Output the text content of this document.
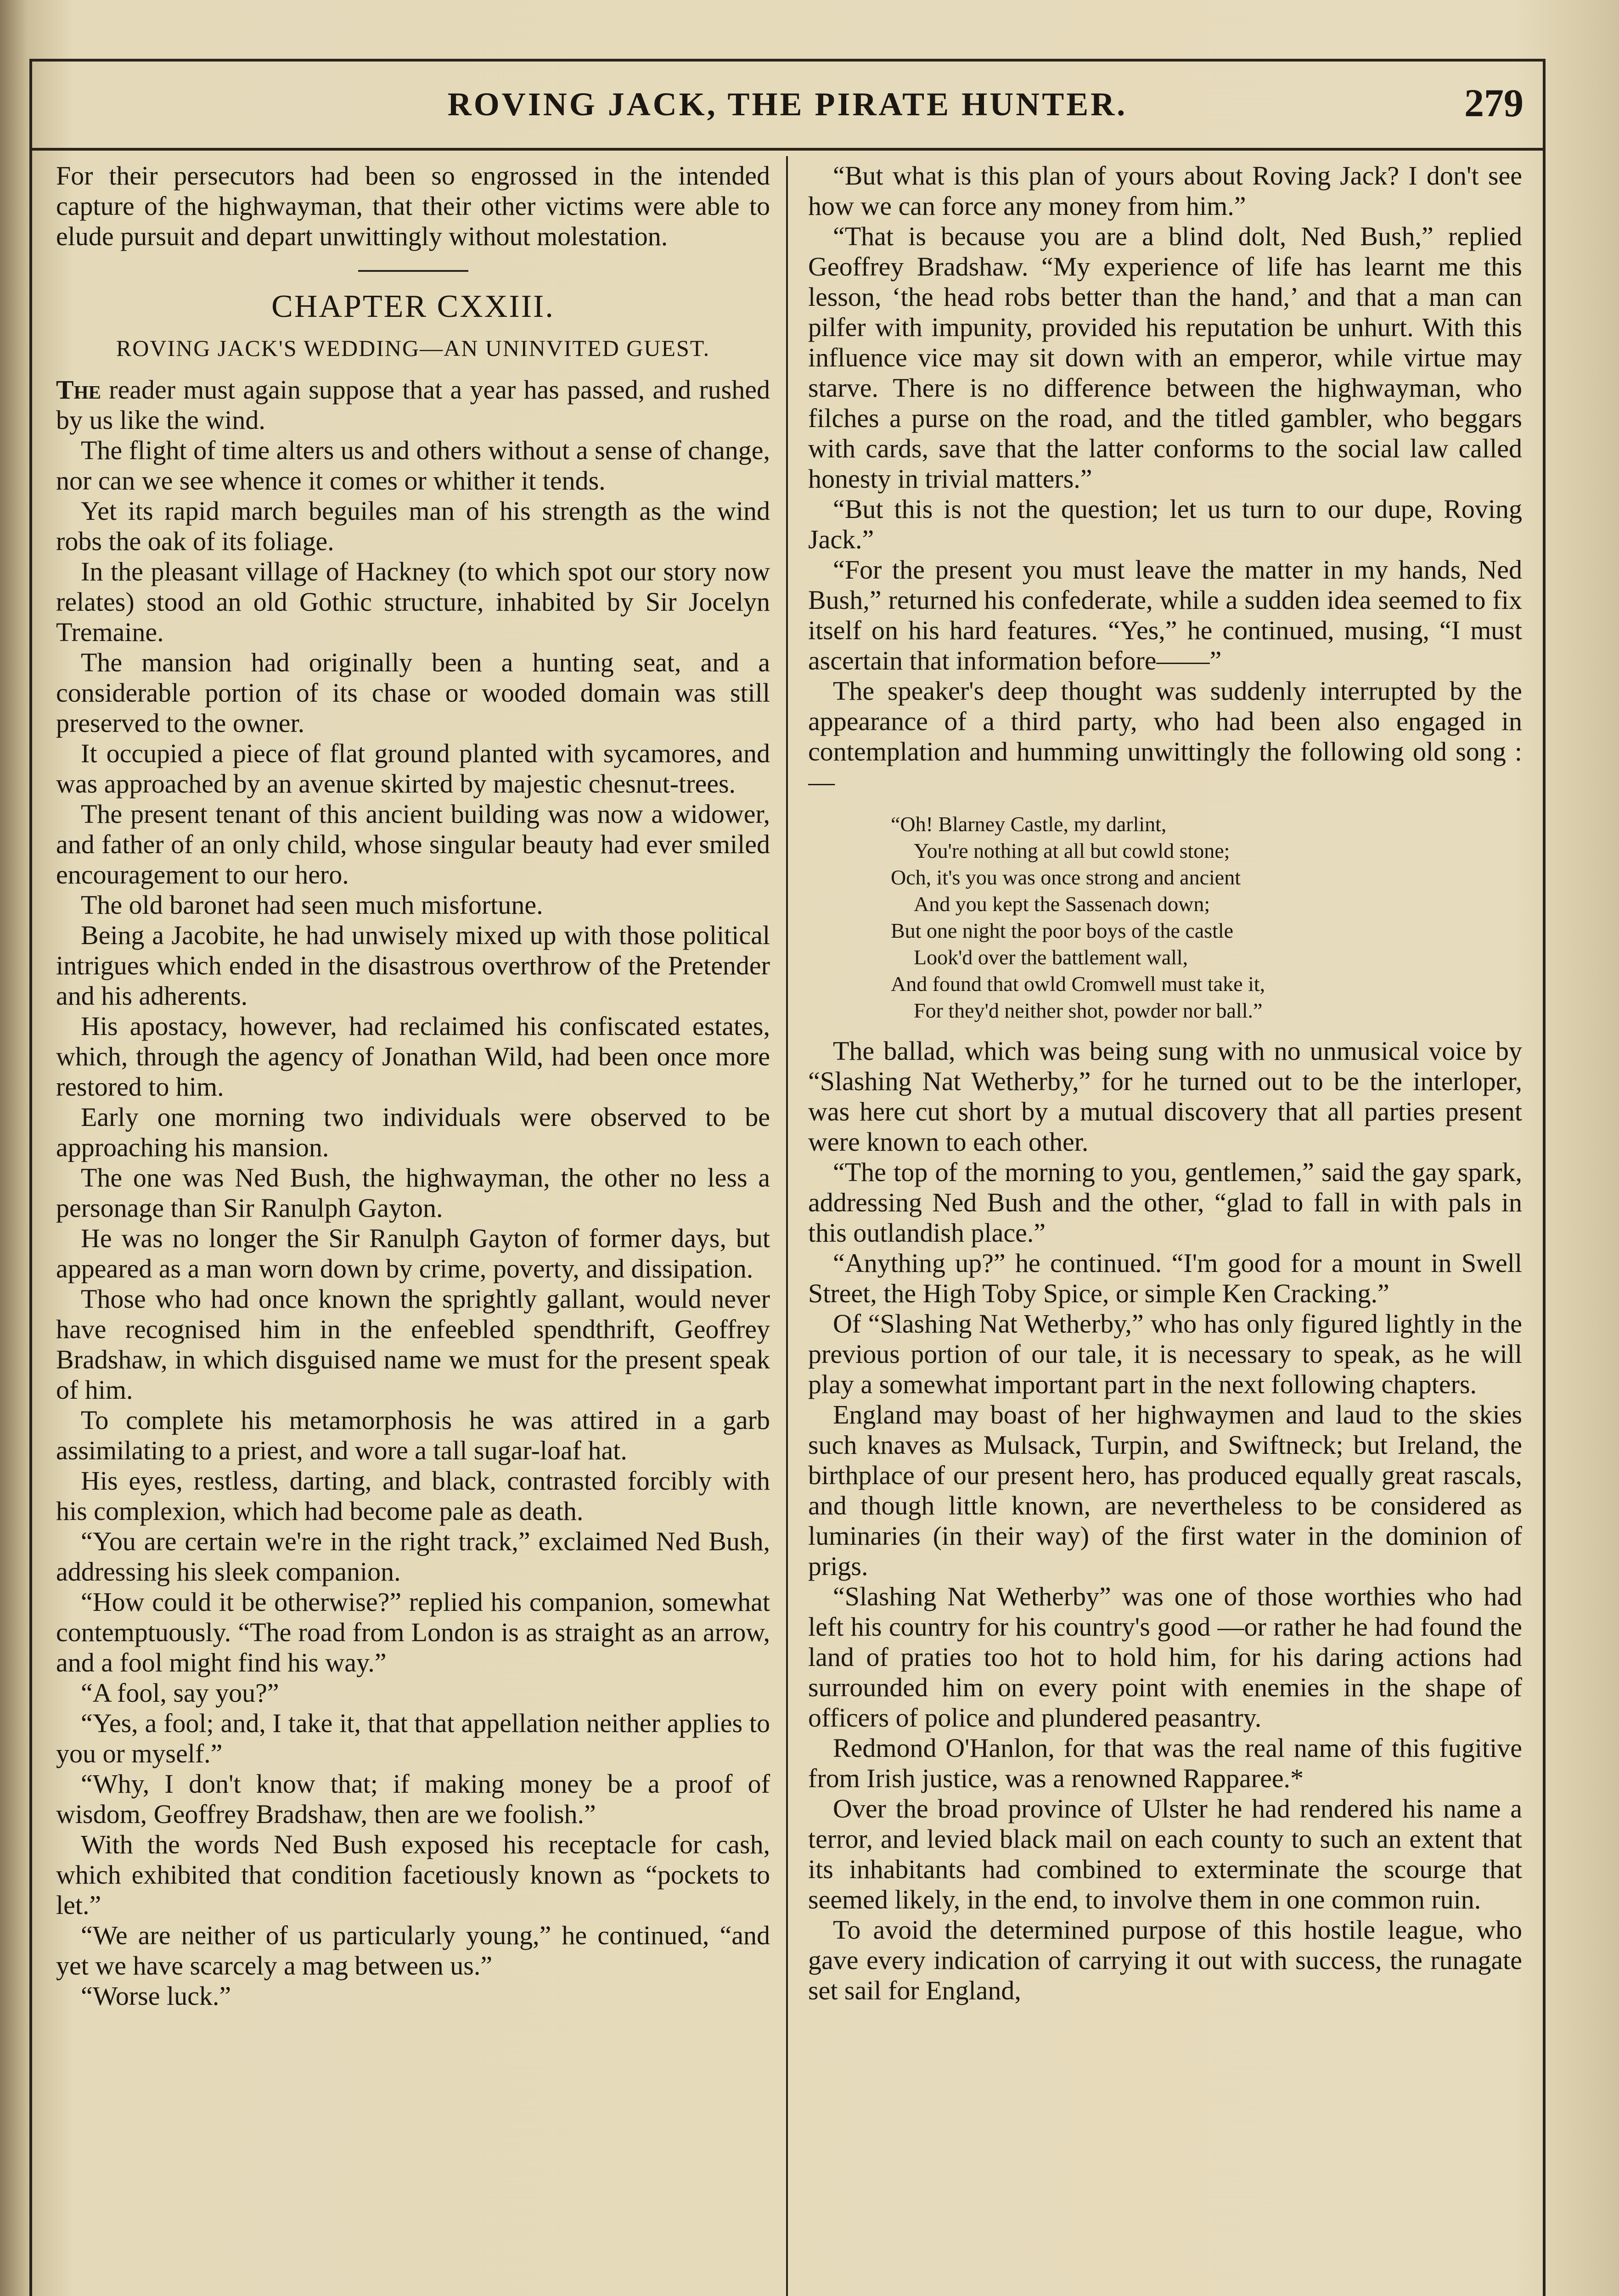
ROVING JACK, THE PIRATE HUNTER.	279

For their persecutors had been so engrossed in the intended capture of the highwayman, that their other victims were able to elude pursuit and depart unwittingly without molestation.

CHAPTER CXXIII.
ROVING JACK'S WEDDING—AN UNINVITED GUEST.

The reader must again suppose that a year has passed, and rushed by us like the wind.

The flight of time alters us and others without a sense of change, nor can we see whence it comes or whither it tends.

Yet its rapid march beguiles man of his strength as the wind robs the oak of its foliage.

In the pleasant village of Hackney (to which spot our story now relates) stood an old Gothic structure, inhabited by Sir Jocelyn Tremaine.

The mansion had originally been a hunting seat, and a considerable portion of its chase or wooded domain was still preserved to the owner.

It occupied a piece of flat ground planted with sycamores, and was approached by an avenue skirted by majestic chesnut-trees.

The present tenant of this ancient building was now a widower, and father of an only child, whose singular beauty had ever smiled encouragement to our hero.

The old baronet had seen much misfortune.

Being a Jacobite, he had unwisely mixed up with those political intrigues which ended in the disastrous overthrow of the Pretender and his adherents.

His apostacy, however, had reclaimed his confiscated estates, which, through the agency of Jonathan Wild, had been once more restored to him.

Early one morning two individuals were observed to be approaching his mansion.

The one was Ned Bush, the highwayman, the other no less a personage than Sir Ranulph Gayton.

He was no longer the Sir Ranulph Gayton of former days, but appeared as a man worn down by crime, poverty, and dissipation.

Those who had once known the sprightly gallant, would never have recognised him in the enfeebled spendthrift, Geoffrey Bradshaw, in which disguised name we must for the present speak of him.

To complete his metamorphosis he was attired in a garb assimilating to a priest, and wore a tall sugar-loaf hat.

His eyes, restless, darting, and black, contrasted forcibly with his complexion, which had become pale as death.

“You are certain we're in the right track,” exclaimed Ned Bush, addressing his sleek companion.

“How could it be otherwise?” replied his companion, somewhat contemptuously. “The road from London is as straight as an arrow, and a fool might find his way.”

“A fool, say you?”

“Yes, a fool; and, I take it, that that appellation neither applies to you or myself.”

“Why, I don't know that; if making money be a proof of wisdom, Geoffrey Bradshaw, then are we foolish.”

With the words Ned Bush exposed his receptacle for cash, which exhibited that condition facetiously known as “pockets to let.”

“We are neither of us particularly young,” he continued, “and yet we have scarcely a mag between us.”

“Worse luck.”

“But what is this plan of yours about Roving Jack? I don't see how we can force any money from him.”

“That is because you are a blind dolt, Ned Bush,” replied Geoffrey Bradshaw. “My experience of life has learnt me this lesson, ‘the head robs better than the hand,’ and that a man can pilfer with impunity, provided his reputation be unhurt. With this influence vice may sit down with an emperor, while virtue may starve. There is no difference between the highwayman, who filches a purse on the road, and the titled gambler, who beggars with cards, save that the latter conforms to the social law called honesty in trivial matters.”

“But this is not the question; let us turn to our dupe, Roving Jack.”

“For the present you must leave the matter in my hands, Ned Bush,” returned his confederate, while a sudden idea seemed to fix itself on his hard features. “Yes,” he continued, musing, “I must ascertain that information before——”

The speaker's deep thought was suddenly interrupted by the appearance of a third party, who had been also engaged in contemplation and humming unwittingly the following old song :—

“Oh! Blarney Castle, my darlint,
You're nothing at all but cowld stone;
Och, it's you was once strong and ancient
And you kept the Sassenach down;
But one night the poor boys of the castle
Look'd over the battlement wall,
And found that owld Cromwell must take it,
For they'd neither shot, powder nor ball.”

The ballad, which was being sung with no unmusical voice by “Slashing Nat Wetherby,” for he turned out to be the interloper, was here cut short by a mutual discovery that all parties present were known to each other.

“The top of the morning to you, gentlemen,” said the gay spark, addressing Ned Bush and the other, “glad to fall in with pals in this outlandish place.”

“Anything up?” he continued. “I'm good for a mount in Swell Street, the High Toby Spice, or simple Ken Cracking.”

Of “Slashing Nat Wetherby,” who has only figured lightly in the previous portion of our tale, it is necessary to speak, as he will play a somewhat important part in the next following chapters.

England may boast of her highwaymen and laud to the skies such knaves as Mulsack, Turpin, and Swiftneck; but Ireland, the birthplace of our present hero, has produced equally great rascals, and though little known, are nevertheless to be considered as luminaries (in their way) of the first water in the dominion of prigs.

“Slashing Nat Wetherby” was one of those worthies who had left his country for his country's good —or rather he had found the land of praties too hot to hold him, for his daring actions had surrounded him on every point with enemies in the shape of officers of police and plundered peasantry.

Redmond O'Hanlon, for that was the real name of this fugitive from Irish justice, was a renowned Rapparee.*

Over the broad province of Ulster he had rendered his name a terror, and levied black mail on each county to such an extent that its inhabitants had combined to exterminate the scourge that seemed likely, in the end, to involve them in one common ruin.

To avoid the determined purpose of this hostile league, who gave every indication of carrying it out with success, the runagate set sail for England,
